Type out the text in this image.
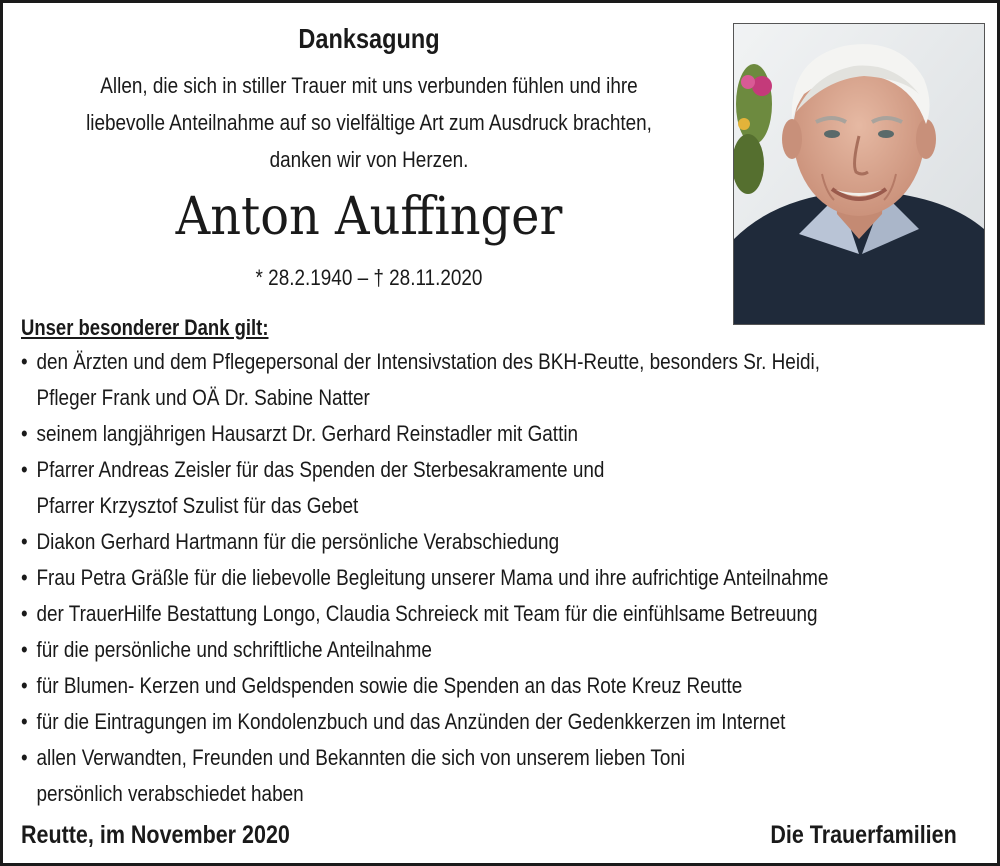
Danksagung
Allen, die sich in stiller Trauer mit uns verbunden fühlen und ihre
liebevolle Anteilnahme auf so vielfältige Art zum Ausdruck brachten,
danken wir von Herzen.
Anton Auffinger
* 28.2.1940 – † 28.11.2020
Unser besonderer Dank gilt:
• den Ärzten und dem Pflegepersonal der Intensivstation des BKH-Reutte, besonders Sr. Heidi,
Pfleger Frank und OÄ Dr. Sabine Natter
• seinem langjährigen Hausarzt Dr. Gerhard Reinstadler mit Gattin
• Pfarrer Andreas Zeisler für das Spenden der Sterbesakramente und
Pfarrer Krzysztof Szulist für das Gebet
• Diakon Gerhard Hartmann für die persönliche Verabschiedung
• Frau Petra Gräßle für die liebevolle Begleitung unserer Mama und ihre aufrichtige Anteilnahme
• der TrauerHilfe Bestattung Longo, Claudia Schreieck mit Team für die einfühlsame Betreuung
• für die persönliche und schriftliche Anteilnahme
• für Blumen- Kerzen und Geldspenden sowie die Spenden an das Rote Kreuz Reutte
• für die Eintragungen im Kondolenzbuch und das Anzünden der Gedenkkerzen im Internet
• allen Verwandten, Freunden und Bekannten die sich von unserem lieben Toni
persönlich verabschiedet haben
Reutte, im November 2020	Die Trauerfamilien
